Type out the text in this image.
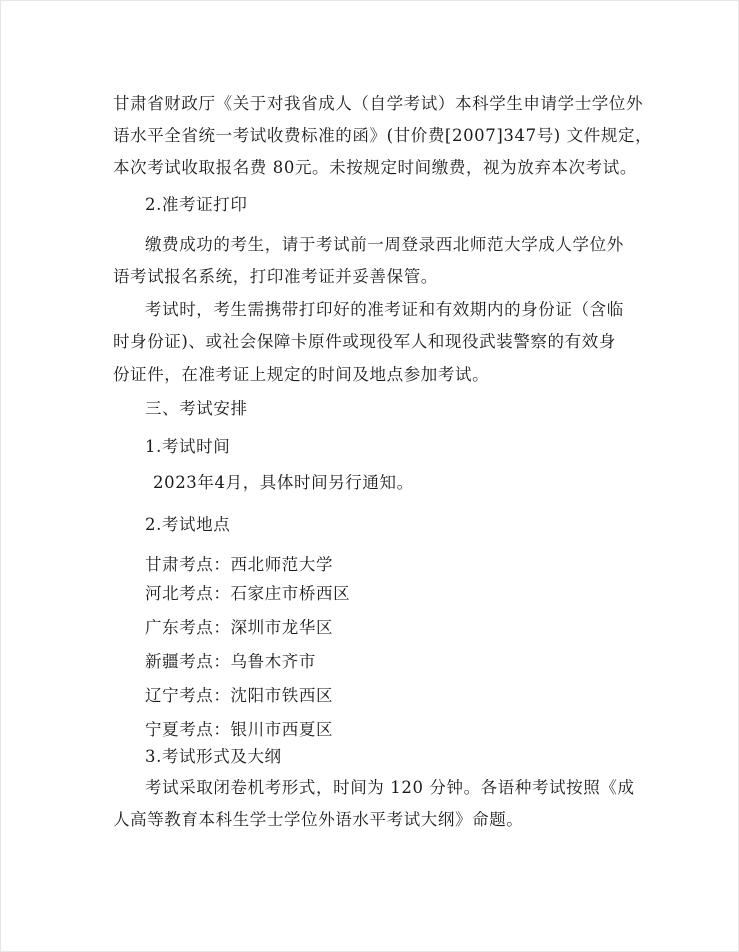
甘肃省财政厅《关于对我省成人（自学考试）本科学生申请学士学位外
语水平全省统一考试收费标准的函》(甘价费[2007]347号) 文件规定，
本次考试收取报名费 80元。未按规定时间缴费，视为放弃本次考试。
2.准考证打印
缴费成功的考生，请于考试前一周登录西北师范大学成人学位外
语考试报名系统，打印准考证并妥善保管。
考试时，考生需携带打印好的准考证和有效期内的身份证（含临
时身份证)、或社会保障卡原件或现役军人和现役武装警察的有效身
份证件，在准考证上规定的时间及地点参加考试。
三、考试安排
1.考试时间
2023年4月，具体时间另行通知。
2.考试地点
甘肃考点：西北师范大学
河北考点：石家庄市桥西区
广东考点：深圳市龙华区
新疆考点：乌鲁木齐市
辽宁考点：沈阳市铁西区
宁夏考点：银川市西夏区
3.考试形式及大纲
考试采取闭卷机考形式，时间为 120 分钟。各语种考试按照《成
人高等教育本科生学士学位外语水平考试大纲》命题。
